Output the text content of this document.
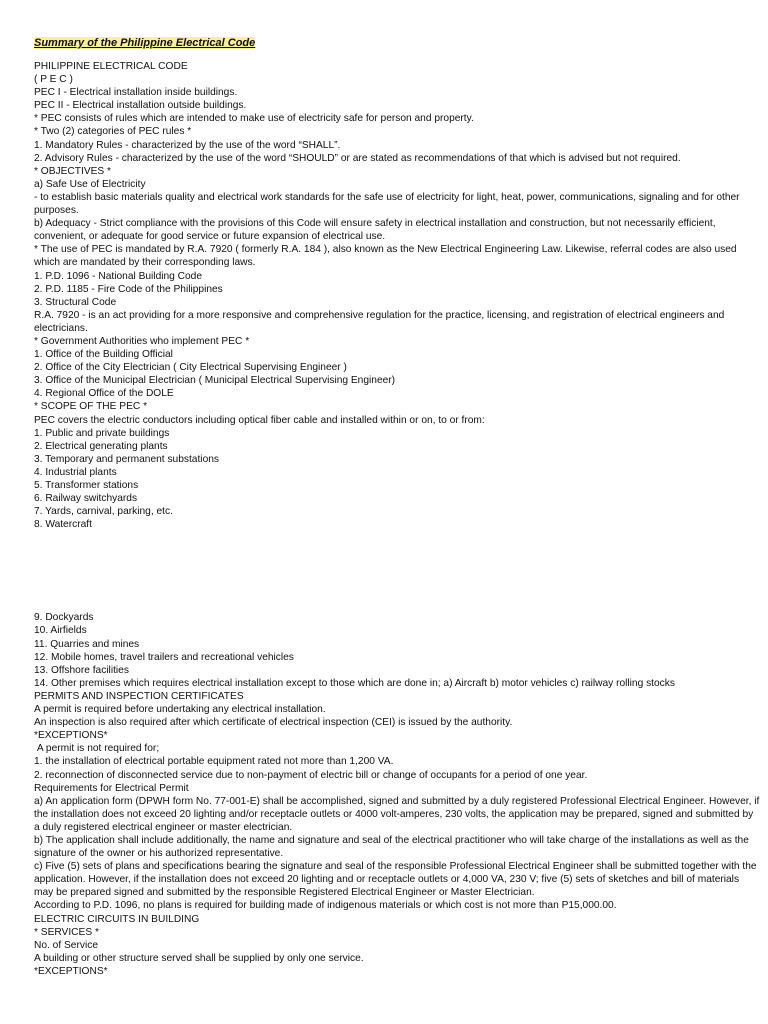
Summary of the Philippine Electrical Code
PHILIPPINE ELECTRICAL CODE
( P E C )
PEC I - Electrical installation inside buildings.
PEC II - Electrical installation outside buildings.
* PEC consists of rules which are intended to make use of electricity safe for person and property.
* Two (2) categories of PEC rules *
1. Mandatory Rules - characterized by the use of the word “SHALL”.
2. Advisory Rules - characterized by the use of the word “SHOULD” or are stated as recommendations of that which is advised but not required.
* OBJECTIVES *
a) Safe Use of Electricity
- to establish basic materials quality and electrical work standards for the safe use of electricity for light, heat, power, communications, signaling and for other purposes.
b) Adequacy - Strict compliance with the provisions of this Code will ensure safety in electrical installation and construction, but not necessarily efficient, convenient, or adequate for good service or future expansion of electrical use.
* The use of PEC is mandated by R.A. 7920 ( formerly R.A. 184 ), also known as the New Electrical Engineering Law. Likewise, referral codes are also used which are mandated by their corresponding laws.
1. P.D. 1096 - National Building Code
2. P.D. 1185 - Fire Code of the Philippines
3. Structural Code
R.A. 7920 - is an act providing for a more responsive and comprehensive regulation for the practice, licensing, and registration of electrical engineers and electricians.
* Government Authorities who implement PEC *
1. Office of the Building Official
2. Office of the City Electrician ( City Electrical Supervising Engineer )
3. Office of the Municipal Electrician ( Municipal Electrical Supervising Engineer)
4. Regional Office of the DOLE
* SCOPE OF THE PEC *
PEC covers the electric conductors including optical fiber cable and installed within or on, to or from:
1. Public and private buildings
2. Electrical generating plants
3. Temporary and permanent substations
4. Industrial plants
5. Transformer stations
6. Railway switchyards
7. Yards, carnival, parking, etc.
8. Watercraft
9. Dockyards
10. Airfields
11. Quarries and mines
12. Mobile homes, travel trailers and recreational vehicles
13. Offshore facilities
14. Other premises which requires electrical installation except to those which are done in; a) Aircraft b) motor vehicles c) railway rolling stocks
PERMITS AND INSPECTION CERTIFICATES
A permit is required before undertaking any electrical installation.
An inspection is also required after which certificate of electrical inspection (CEI) is issued by the authority.
*EXCEPTIONS*
A permit is not required for;
1. the installation of electrical portable equipment rated not more than 1,200 VA.
2. reconnection of disconnected service due to non-payment of electric bill or change of occupants for a period of one year.
Requirements for Electrical Permit
a) An application form (DPWH form No. 77-001-E) shall be accomplished, signed and submitted by a duly registered Professional Electrical Engineer. However, if the installation does not exceed 20 lighting and/or receptacle outlets or 4000 volt-amperes, 230 volts, the application may be prepared, signed and submitted by a duly registered electrical engineer or master electrician.
b) The application shall include additionally, the name and signature and seal of the electrical practitioner who will take charge of the installations as well as the signature of the owner or his authorized representative.
c) Five (5) sets of plans and specifications bearing the signature and seal of the responsible Professional Electrical Engineer shall be submitted together with the application. However, if the installation does not exceed 20 lighting and or receptacle outlets or 4,000 VA, 230 V; five (5) sets of sketches and bill of materials may be prepared signed and submitted by the responsible Registered Electrical Engineer or Master Electrician.
According to P.D. 1096, no plans is required for building made of indigenous materials or which cost is not more than P15,000.00.
ELECTRIC CIRCUITS IN BUILDING
* SERVICES *
No. of Service
A building or other structure served shall be supplied by only one service.
*EXCEPTIONS*
